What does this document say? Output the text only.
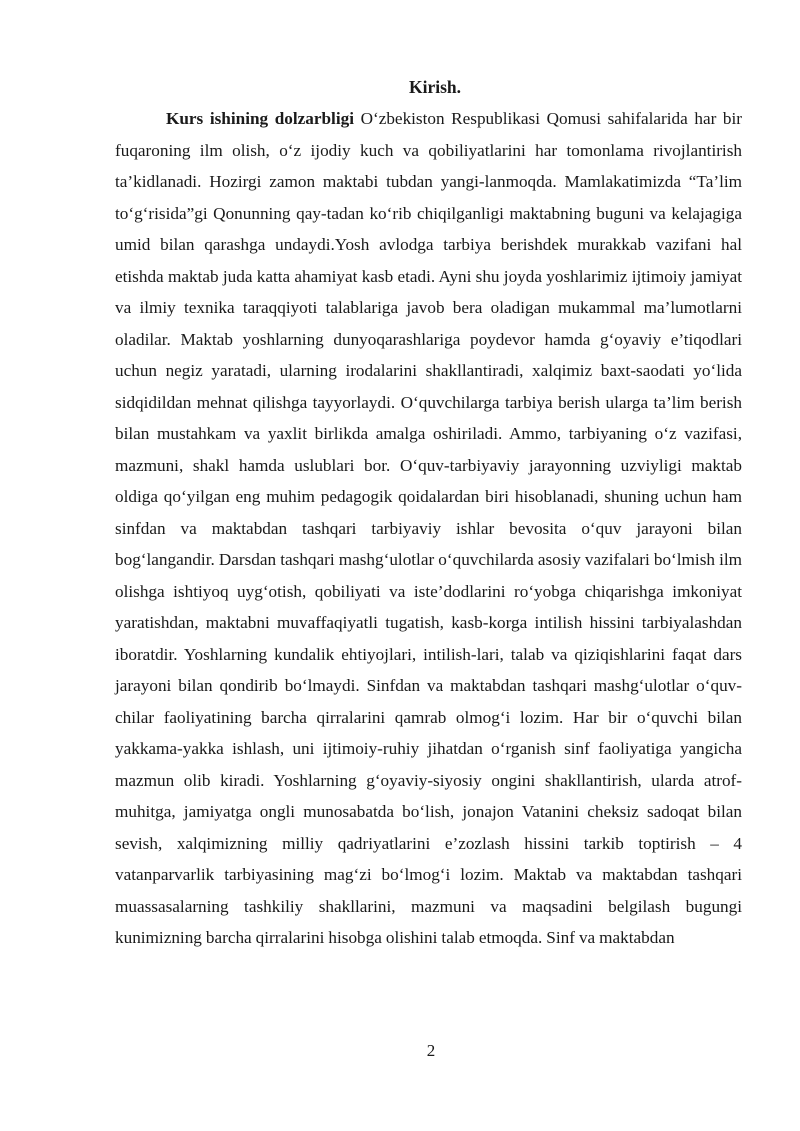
Kirish.

Kurs ishining dolzarbligi O‘zbekiston Respublikasi Qomusi sahifalarida har bir fuqaroning ilm olish, o‘z ijodiy kuch va qobiliyatlarini har tomonlama rivojlantirish ta’kidlanadi. Hozirgi zamon maktabi tubdan yangi-lanmoqda. Mamlakatimizda “Ta’lim to‘g‘risida”gi Qonunning qay-tadan ko‘rib chiqilganligi maktabning buguni va kelajagiga umid bilan qarashga undaydi.Yosh avlodga tarbiya berishdek murakkab vazifani hal etishda maktab juda katta ahamiyat kasb etadi. Ayni shu joyda yoshlarimiz ijtimoiy jamiyat va ilmiy texnika taraqqiyoti talablariga javob bera oladigan mukammal ma’lumotlarni oladilar. Maktab yoshlarning dunyoqarashlariga poydevor hamda g‘oyaviy e’tiqodlari uchun negiz yaratadi, ularning irodalarini shakllantiradi, xalqimiz baxt-saodati yo‘lida sidqidildan mehnat qilishga tayyorlaydi. O‘quvchilarga tarbiya berish ularga ta’lim berish bilan mustahkam va yaxlit birlikda amalga oshiriladi. Ammo, tarbiyaning o‘z vazifasi, mazmuni, shakl hamda uslublari bor. O‘quv-tarbiyaviy jarayonning uzviyligi maktab oldiga qo‘yilgan eng muhim pedagogik qoidalardan biri hisoblanadi, shuning uchun ham sinfdan va maktabdan tashqari tarbiyaviy ishlar bevosita o‘quv jarayoni bilan bog‘langandir. Darsdan tashqari mashg‘ulotlar o‘quvchilarda asosiy vazifalari bo‘lmish ilm olishga ishtiyoq uyg‘otish, qobiliyati va iste’dodlarini ro‘yobga chiqarishga imkoniyat yaratishdan, maktabni muvaffaqiyatli tugatish, kasb-korga intilish hissini tarbiyalashdan iboratdir. Yoshlarning kundalik ehtiyojlari, intilish-lari, talab va qiziqishlarini faqat dars jarayoni bilan qondirib bo‘lmaydi. Sinfdan va maktabdan tashqari mashg‘ulotlar o‘quv-chilar faoliyatining barcha qirralarini qamrab olmog‘i lozim. Har bir o‘quvchi bilan yakkama-yakka ishlash, uni ijtimoiy-ruhiy jihatdan o‘rganish sinf faoliyatiga yangicha mazmun olib kiradi. Yoshlarning g‘oyaviy-siyosiy ongini shakllantirish, ularda atrof-muhitga, jamiyatga ongli munosabatda bo‘lish, jonajon Vatanini cheksiz sadoqat bilan sevish, xalqimizning milliy qadriyatlarini e’zozlash hissini tarkib toptirish – 4 vatanparvarlik tarbiyasining mag‘zi bo‘lmog‘i lozim. Maktab va maktabdan tashqari muassasalarning tashkiliy shakllarini, mazmuni va maqsadini belgilash bugungi kunimizning barcha qirralarini hisobga olishini talab etmoqda. Sinf va maktabdan

2
